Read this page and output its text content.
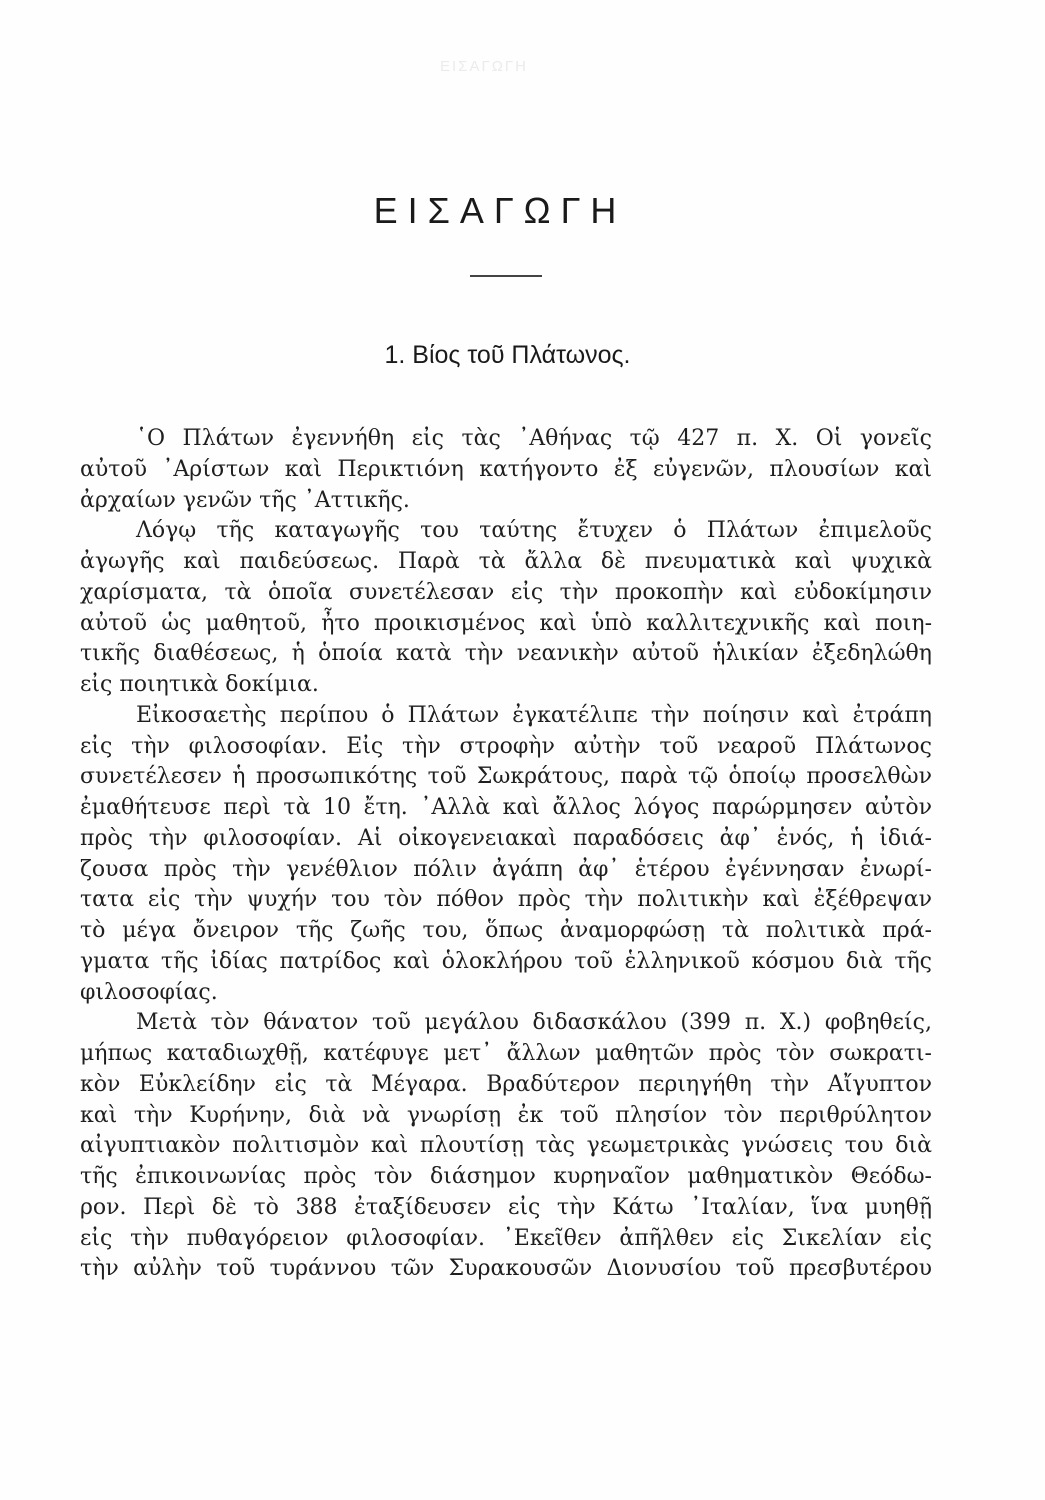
ΕΙΣΑΓΩΓΗ
ΕΙΣΑΓΩΓΗ
1. Βίος τοῦ Πλάτωνος.
῾Ο Πλάτων ἐγεννήθη εἰς τὰς ᾿Αθήνας τῷ 427 π. Χ. Οἱ γονεῖς
αὐτοῦ ᾿Αρίστων καὶ Περικτιόνη κατήγοντο ἐξ εὐγενῶν, πλουσίων καὶ
ἀρχαίων γενῶν τῆς ᾿Αττικῆς.
Λόγῳ τῆς καταγωγῆς του ταύτης ἔτυχεν ὁ Πλάτων ἐπιμελοῦς
ἀγωγῆς καὶ παιδεύσεως. Παρὰ τὰ ἄλλα δὲ πνευματικὰ καὶ ψυχικὰ
χαρίσματα, τὰ ὁποῖα συνετέλεσαν εἰς τὴν προκοπὴν καὶ εὐδοκίμησιν
αὐτοῦ ὡς μαθητοῦ, ἦτο προικισμένος καὶ ὑπὸ καλλιτεχνικῆς καὶ ποιη-
τικῆς διαθέσεως, ἡ ὁποία κατὰ τὴν νεανικὴν αὐτοῦ ἡλικίαν ἐξεδηλώθη
εἰς ποιητικὰ δοκίμια.
Εἰκοσαετὴς περίπου ὁ Πλάτων ἐγκατέλιπε τὴν ποίησιν καὶ ἐτράπη
εἰς τὴν φιλοσοφίαν. Εἰς τὴν στροφὴν αὐτὴν τοῦ νεαροῦ Πλάτωνος
συνετέλεσεν ἡ προσωπικότης τοῦ Σωκράτους, παρὰ τῷ ὁποίῳ προσελθὼν
ἐμαθήτευσε περὶ τὰ 10 ἔτη. ᾿Αλλὰ καὶ ἄλλος λόγος παρώρμησεν αὐτὸν
πρὸς τὴν φιλοσοφίαν. Αἱ οἰκογενειακαὶ παραδόσεις ἀφ᾿ ἑνός, ἡ ἰδιά-
ζουσα πρὸς τὴν γενέθλιον πόλιν ἀγάπη ἀφ᾿ ἑτέρου ἐγέννησαν ἐνωρί-
τατα εἰς τὴν ψυχήν του τὸν πόθον πρὸς τὴν πολιτικὴν καὶ ἐξέθρεψαν
τὸ μέγα ὄνειρον τῆς ζωῆς του, ὅπως ἀναμορφώσῃ τὰ πολιτικὰ πρά-
γματα τῆς ἰδίας πατρίδος καὶ ὁλοκλήρου τοῦ ἑλληνικοῦ κόσμου διὰ τῆς
φιλοσοφίας.
Μετὰ τὸν θάνατον τοῦ μεγάλου διδασκάλου (399 π. Χ.) φοβηθείς,
μήπως καταδιωχθῇ, κατέφυγε μετ᾿ ἄλλων μαθητῶν πρὸς τὸν σωκρατι-
κὸν Εὐκλείδην εἰς τὰ Μέγαρα. Βραδύτερον περιηγήθη τὴν Αἴγυπτον
καὶ τὴν Κυρήνην, διὰ νὰ γνωρίσῃ ἐκ τοῦ πλησίον τὸν περιθρύλητον
αἰγυπτιακὸν πολιτισμὸν καὶ πλουτίσῃ τὰς γεωμετρικὰς γνώσεις του διὰ
τῆς ἐπικοινωνίας πρὸς τὸν διάσημον κυρηναῖον μαθηματικὸν Θεόδω-
ρον. Περὶ δὲ τὸ 388 ἐταξίδευσεν εἰς τὴν Κάτω ᾿Ιταλίαν, ἵνα μυηθῇ
εἰς τὴν πυθαγόρειον φιλοσοφίαν. ᾿Εκεῖθεν ἀπῆλθεν εἰς Σικελίαν εἰς
τὴν αὐλὴν τοῦ τυράννου τῶν Συρακουσῶν Διονυσίου τοῦ πρεσβυτέρου
